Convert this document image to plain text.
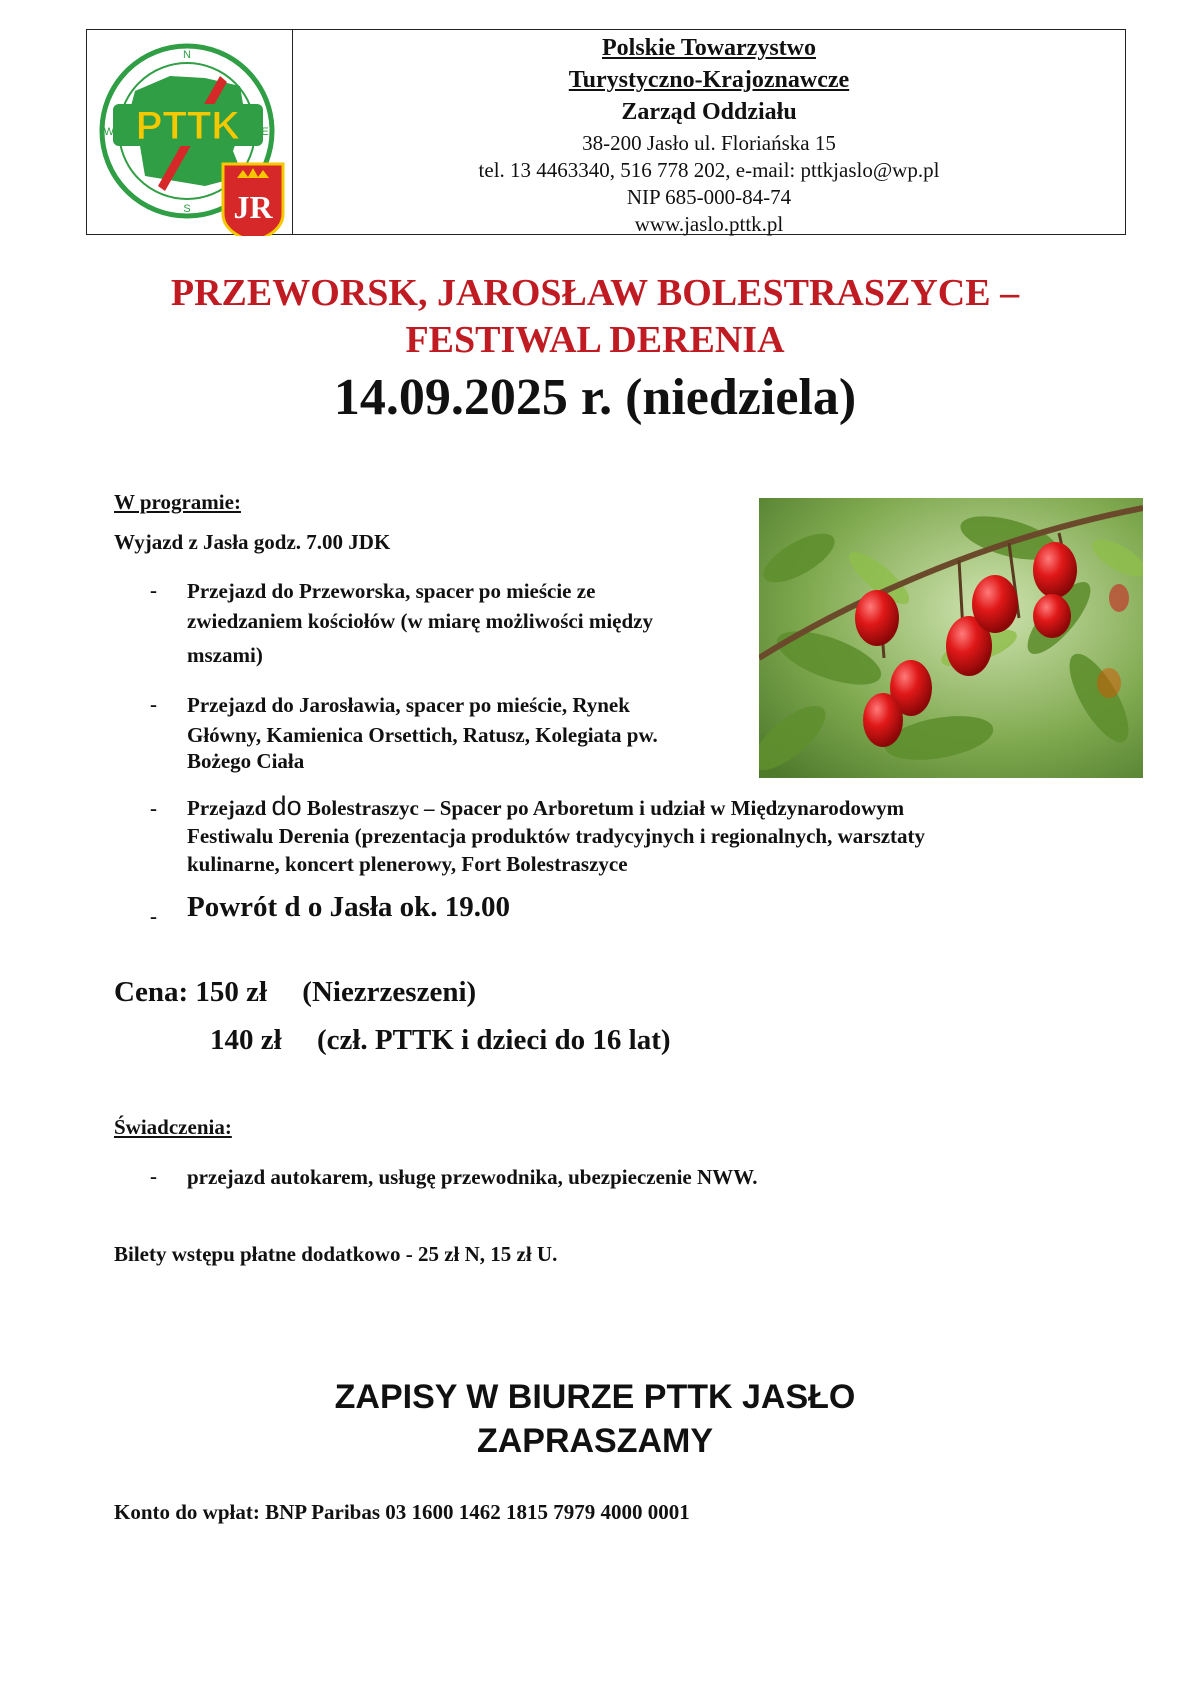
PTTK
N
W	E
S JR
Polskie Towarzystwo
Turystyczno-Krajoznawcze
Zarząd Oddziału
38-200 Jasło ul. Floriańska 15
tel. 13 4463340, 516 778 202, e-mail: pttkjaslo@wp.pl
NIP 685-000-84-74
www.jaslo.pttk.pl
PRZEWORSK, JAROSŁAW BOLESTRASZYCE –
FESTIWAL DERENIA
14.09.2025 r. (niedziela)
W programie:
Wyjazd z Jasła godz. 7.00 JDK
- Przejazd do Przeworska, spacer po mieście ze
zwiedzaniem kościołów (w miarę możliwości między
mszami)
- Przejazd do Jarosławia, spacer po mieście, Rynek
Główny, Kamienica Orsettich, Ratusz, Kolegiata pw.
Bożego Ciała
- Przejazd do Bolestraszyc – Spacer po Arboretum i udział w Międzynarodowym
Festiwalu Derenia (prezentacja produktów tradycyjnych i regionalnych, warsztaty
kulinarne, koncert plenerowy, Fort Bolestraszyce
- Powrót d o Jasła ok. 19.00
Cena: 150 zł (Niezrzeszeni)
140 zł (czł. PTTK i dzieci do 16 lat)
Świadczenia:
- przejazd autokarem, usługę przewodnika, ubezpieczenie NWW.
Bilety wstępu płatne dodatkowo - 25 zł N, 15 zł U.
ZAPISY W BIURZE PTTK JASŁO
ZAPRASZAMY
Konto do wpłat: BNP Paribas 03 1600 1462 1815 7979 4000 0001
